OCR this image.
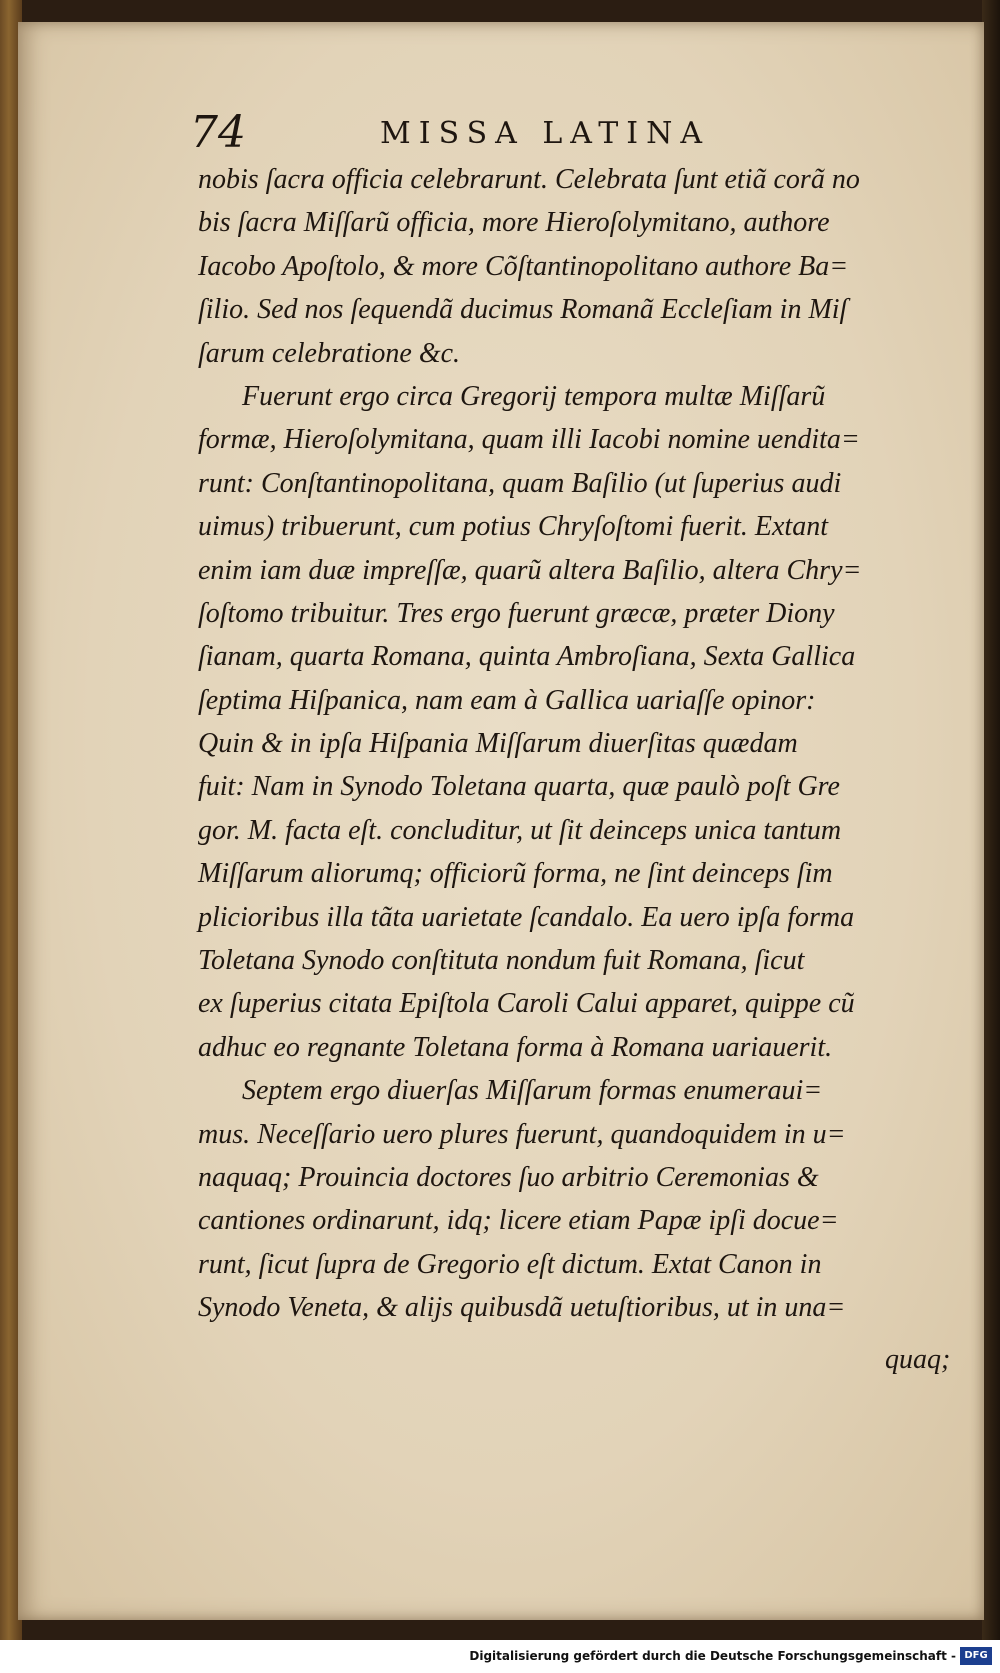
74	MISSA LATINA
nobis ſacra officia celebrarunt. Celebrata ſunt etiã corã no
bis ſacra Miſſarũ officia, more Hieroſolymitano, authore
Iacobo Apoſtolo, & more Cõſtantinopolitano authore Ba=
ſilio. Sed nos ſequendã ducimus Romanã Eccleſiam in Miſ
ſarum celebratione &c.
Fuerunt ergo circa Gregorij tempora multæ Miſſarũ
formæ, Hieroſolymitana, quam illi Iacobi nomine uendita=
runt: Conſtantinopolitana, quam Baſilio (ut ſuperius audi
uimus) tribuerunt, cum potius Chryſoſtomi fuerit. Extant
enim iam duæ impreſſæ, quarũ altera Baſilio, altera Chry=
ſoſtomo tribuitur. Tres ergo fuerunt græcæ, præter Diony
ſianam, quarta Romana, quinta Ambroſiana, Sexta Gallica
ſeptima Hiſpanica, nam eam à Gallica uariaſſe opinor:
Quin & in ipſa Hiſpania Miſſarum diuerſitas quædam
fuit: Nam in Synodo Toletana quarta, quæ paulò poſt Gre
gor. M. facta eſt. concluditur, ut ſit deinceps unica tantum
Miſſarum aliorumq; officiorũ forma, ne ſint deinceps ſim
plicioribus illa tãta uarietate ſcandalo. Ea uero ipſa forma
Toletana Synodo conſtituta nondum fuit Romana, ſicut
ex ſuperius citata Epiſtola Caroli Calui apparet, quippe cũ
adhuc eo regnante Toletana forma à Romana uariauerit.
Septem ergo diuerſas Miſſarum formas enumeraui=
mus. Neceſſario uero plures fuerunt, quandoquidem in u=
naquaq; Prouincia doctores ſuo arbitrio Ceremonias &
cantiones ordinarunt, idq; licere etiam Papæ ipſi docue=
runt, ſicut ſupra de Gregorio eſt dictum. Extat Canon in
Synodo Veneta, & alijs quibusdã uetuſtioribus, ut in una=
quaq;
Digitalisierung gefördert durch die Deutsche Forschungsgemeinschaft - DFG
